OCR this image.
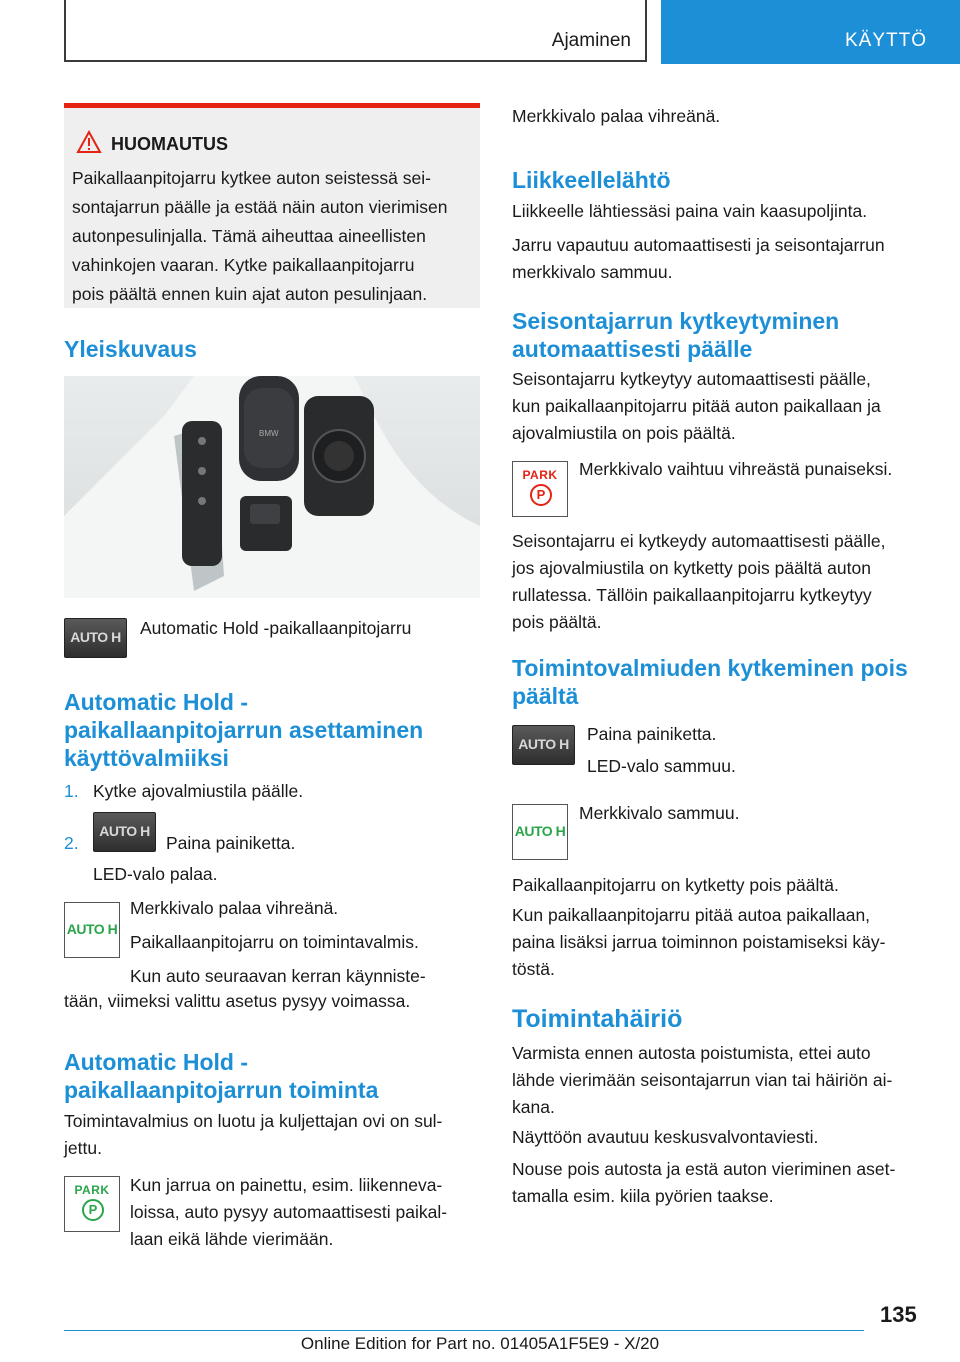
Ajaminen	KÄYTTÖ
HUOMAUTUS
Paikallaanpitojarru kytkee auton seistessä sei-
sontajarrun päälle ja estää näin auton vierimisen
autonpesulinjalla. Tämä aiheuttaa aineellisten
vahinkojen vaaran. Kytke paikallaanpitojarru
pois päältä ennen kuin ajat auton pesulinjaan.
Yleiskuvaus
BMW
AUTO H	Automatic Hold -paikallaanpitojarru
Automatic Hold -
paikallaanpitojarrun asettaminen
käyttövalmiiksi
1. Kytke ajovalmiustila päälle.
2.
AUTO H
Paina painiketta.
LED-valo palaa.
AUTO H
Merkkivalo palaa vihreänä.
Paikallaanpitojarru on toimintavalmis.
Kun auto seuraavan kerran käynniste-
tään, viimeksi valittu asetus pysyy voimassa.
Automatic Hold -
paikallaanpitojarrun toiminta
Toimintavalmius on luotu ja kuljettajan ovi on sul-
jettu.
PARK
P
Kun jarrua on painettu, esim. liikenneva-
loissa, auto pysyy automaattisesti paikal-
laan eikä lähde vierimään.
Merkkivalo palaa vihreänä.
Liikkeellelähtö
Liikkeelle lähtiessäsi paina vain kaasupoljinta.
Jarru vapautuu automaattisesti ja seisontajarrun
merkkivalo sammuu.
Seisontajarrun kytkeytyminen
automaattisesti päälle
Seisontajarru kytkeytyy automaattisesti päälle,
kun paikallaanpitojarru pitää auton paikallaan ja
ajovalmiustila on pois päältä.
PARK
P
Merkkivalo vaihtuu vihreästä punaiseksi.
Seisontajarru ei kytkeydy automaattisesti päälle,
jos ajovalmiustila on kytketty pois päältä auton
rullatessa. Tällöin paikallaanpitojarru kytkeytyy
pois päältä.
Toimintovalmiuden kytkeminen pois
päältä
AUTO H	Paina painiketta.
LED-valo sammuu.
AUTO H
Merkkivalo sammuu.
Paikallaanpitojarru on kytketty pois päältä.
Kun paikallaanpitojarru pitää autoa paikallaan,
paina lisäksi jarrua toiminnon poistamiseksi käy-
töstä.
Toimintahäiriö
Varmista ennen autosta poistumista, ettei auto
lähde vierimään seisontajarrun vian tai häiriön ai-
kana.
Näyttöön avautuu keskusvalvontaviesti.
Nouse pois autosta ja estä auton vieriminen aset-
tamalla esim. kiila pyörien taakse.
135
Online Edition for Part no. 01405A1F5E9 - X/20
